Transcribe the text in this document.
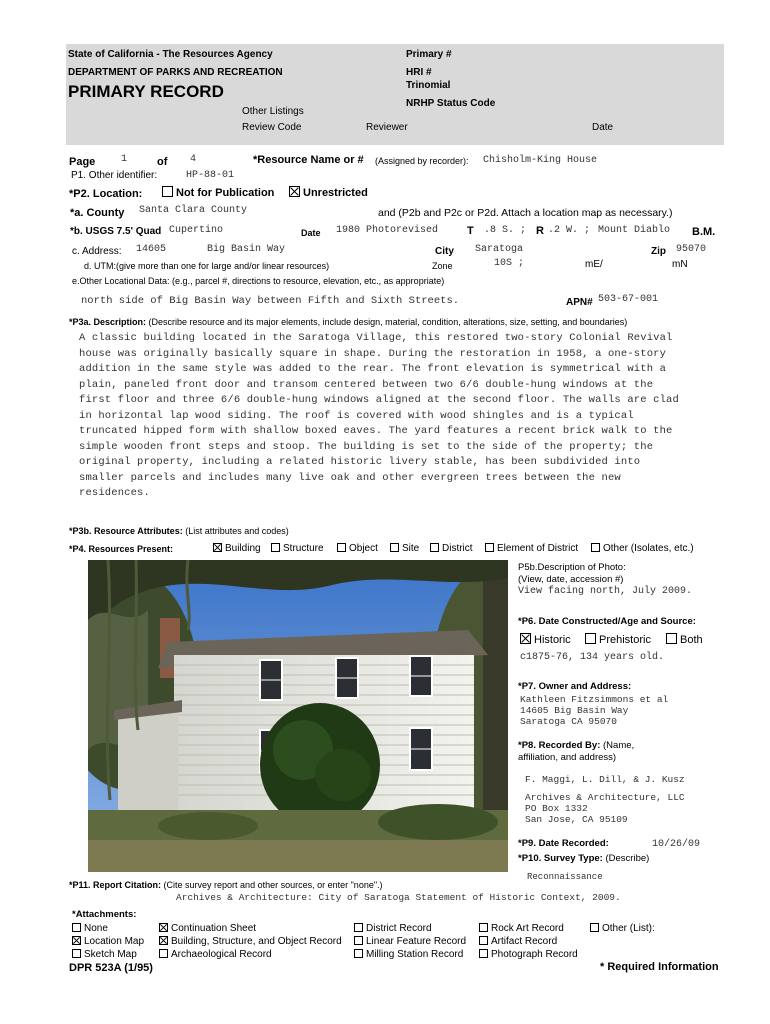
State of California - The Resources Agency
DEPARTMENT OF PARKS AND RECREATION
PRIMARY RECORD
Primary #
HRI #
Trinomial
NRHP Status Code
Other Listings
Review Code	Reviewer	Date
Page	1	of 4	*Resource Name or # (Assigned by recorder): Chisholm-King House
P1. Other identifier:	HP-88-01
*P2. Location:	Not for Publication	Unrestricted
*a. County Santa Clara County	and (P2b and P2c or P2d. Attach a location map as necessary.)
*b. USGS 7.5' Quad Cupertino	Date 1980 Photorevised	T .8 S. ; R .2 W. ; Mount Diablo B.M.
c. Address: 14605	Big Basin Way	City Saratoga	Zip 95070
d. UTM:(give more than one for large and/or linear resources)	Zone	10S ;	mE/	mN
e.Other Locational Data: (e.g., parcel #, directions to resource, elevation, etc., as appropriate)
north side of Big Basin Way between Fifth and Sixth Streets.	APN# 503-67-001
*P3a. Description: (Describe resource and its major elements, include design, material, condition, alterations, size, setting, and boundaries)
A classic building located in the Saratoga Village, this restored two-story Colonial Revival
house was originally basically square in shape. During the restoration in 1958, a one-story
addition in the same style was added to the rear. The front elevation is symmetrical with a
plain, paneled front door and transom centered between two 6/6 double-hung windows at the
first floor and three 6/6 double-hung windows aligned at the second floor. The walls are clad
in horizontal lap wood siding. The roof is covered with wood shingles and is a typical
truncated hipped form with shallow boxed eaves. The yard features a recent brick walk to the
simple wooden front steps and stoop. The building is set to the side of the property; the
original property, including a related historic livery stable, has been subdivided into
smaller parcels and includes many live oak and other evergreen trees between the new
residences.
*P3b. Resource Attributes: (List attributes and codes)
*P4. Resources Present:	Building	Structure	Object	Site	District	Element of District	Other (Isolates, etc.)
P5b.Description of Photo:
(View, date, accession #)
View facing north, July 2009.
*P6. Date Constructed/Age and Source:
Historic	Prehistoric	Both
c1875-76, 134 years old.
*P7. Owner and Address:
Kathleen Fitzsimmons et al
14605 Big Basin Way
Saratoga CA 95070
*P8. Recorded By: (Name,
affiliation, and address)
F. Maggi, L. Dill, & J. Kusz
Archives & Architecture, LLC
PO Box 1332
San Jose, CA 95109
*P9. Date Recorded:	10/26/09
*P10. Survey Type: (Describe)
Reconnaissance
*P11. Report Citation: (Cite survey report and other sources, or enter "none".)
Archives & Architecture: City of Saratoga Statement of Historic Context, 2009.
*Attachments:
None
Location Map
Sketch Map
Continuation Sheet
Building, Structure, and Object Record
Archaeological Record
District Record
Linear Feature Record
Milling Station Record
Rock Art Record
Artifact Record
Photograph Record
Other (List):
DPR 523A (1/95)	* Required Information
